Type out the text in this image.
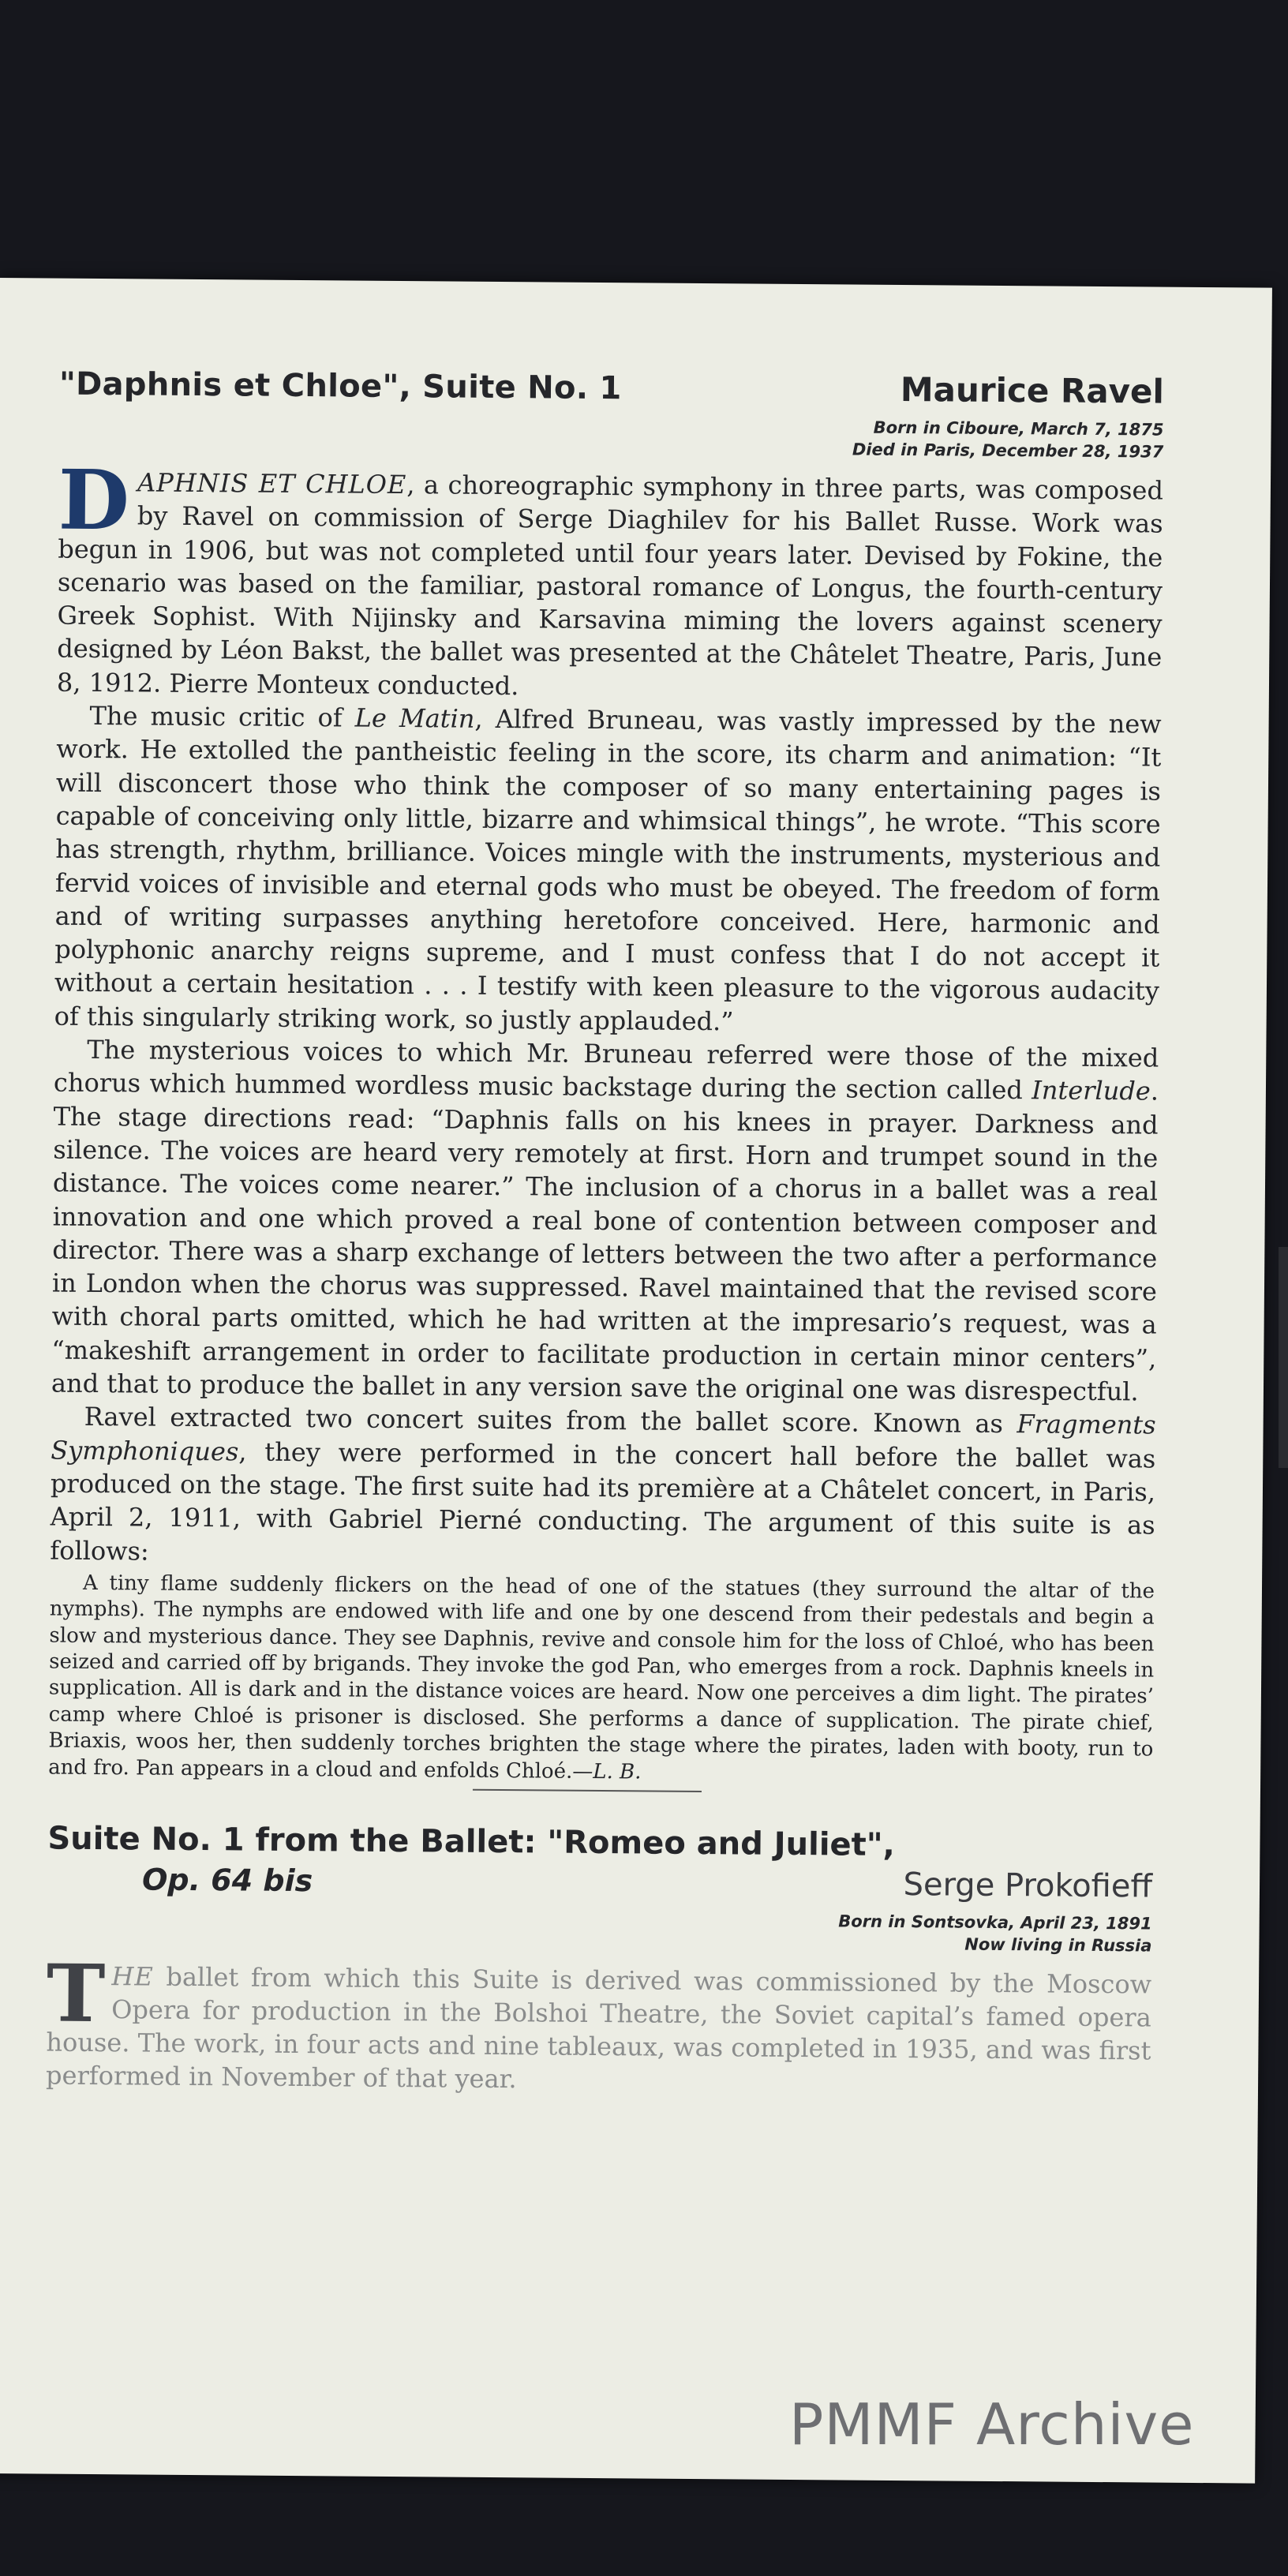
"Daphnis et Chloe", Suite No. 1	Maurice Ravel
Born in Ciboure, March 7, 1875
Died in Paris, December 28, 1937

DAPHNIS ET CHLOE, a choreographic symphony in three parts, was composed by Ravel on commission of Serge Diaghilev for his Ballet Russe. Work was begun in 1906, but was not completed until four years later. Devised by Fokine, the scenario was based on the familiar, pastoral romance of Longus, the fourth-century Greek Sophist. With Nijinsky and Karsavina miming the lovers against scenery designed by Léon Bakst, the ballet was presented at the Châtelet Theatre, Paris, June 8, 1912. Pierre Monteux conducted.

The music critic of Le Matin, Alfred Bruneau, was vastly impressed by the new work. He extolled the pantheistic feeling in the score, its charm and animation: “It will disconcert those who think the composer of so many entertaining pages is capable of conceiving only little, bizarre and whimsical things”, he wrote. “This score has strength, rhythm, brilliance. Voices mingle with the instruments, mysterious and fervid voices of invisible and eternal gods who must be obeyed. The freedom of form and of writing surpasses anything heretofore conceived. Here, harmonic and polyphonic anarchy reigns supreme, and I must confess that I do not accept it without a certain hesitation . . . I testify with keen pleasure to the vigorous audacity of this singularly striking work, so justly applauded.”

The mysterious voices to which Mr. Bruneau referred were those of the mixed chorus which hummed wordless music backstage during the section called Interlude. The stage directions read: “Daphnis falls on his knees in prayer. Darkness and silence. The voices are heard very remotely at first. Horn and trumpet sound in the distance. The voices come nearer.” The inclusion of a chorus in a ballet was a real innovation and one which proved a real bone of contention between composer and director. There was a sharp exchange of letters between the two after a performance in London when the chorus was suppressed. Ravel maintained that the revised score with choral parts omitted, which he had written at the impresario’s request, was a “makeshift arrangement in order to facilitate production in certain minor centers”, and that to produce the ballet in any version save the original one was disrespectful.

Ravel extracted two concert suites from the ballet score. Known as Fragments Symphoniques, they were performed in the concert hall before the ballet was produced on the stage. The first suite had its première at a Châtelet concert, in Paris, April 2, 1911, with Gabriel Pierné conducting. The argument of this suite is as follows:

A tiny flame suddenly flickers on the head of one of the statues (they surround the altar of the nymphs). The nymphs are endowed with life and one by one descend from their pedestals and begin a slow and mysterious dance. They see Daphnis, revive and console him for the loss of Chloé, who has been seized and carried off by brigands. They invoke the god Pan, who emerges from a rock. Daphnis kneels in supplication. All is dark and in the distance voices are heard. Now one perceives a dim light. The pirates’ camp where Chloé is prisoner is disclosed. She performs a dance of supplication. The pirate chief, Briaxis, woos her, then suddenly torches brighten the stage where the pirates, laden with booty, run to and fro. Pan appears in a cloud and enfolds Chloé.—L. B.

Suite No. 1 from the Ballet: "Romeo and Juliet",
Op. 64 bis	Serge Prokofieff
Born in Sontsovka, April 23, 1891
Now living in Russia
THE ballet from which this Suite is derived was commissioned by the Moscow Opera for production in the Bolshoi Theatre, the Soviet capital’s famed opera house. The work, in four acts and nine tableaux, was completed in 1935, and was first performed in November of that year.
PMMF Archive
